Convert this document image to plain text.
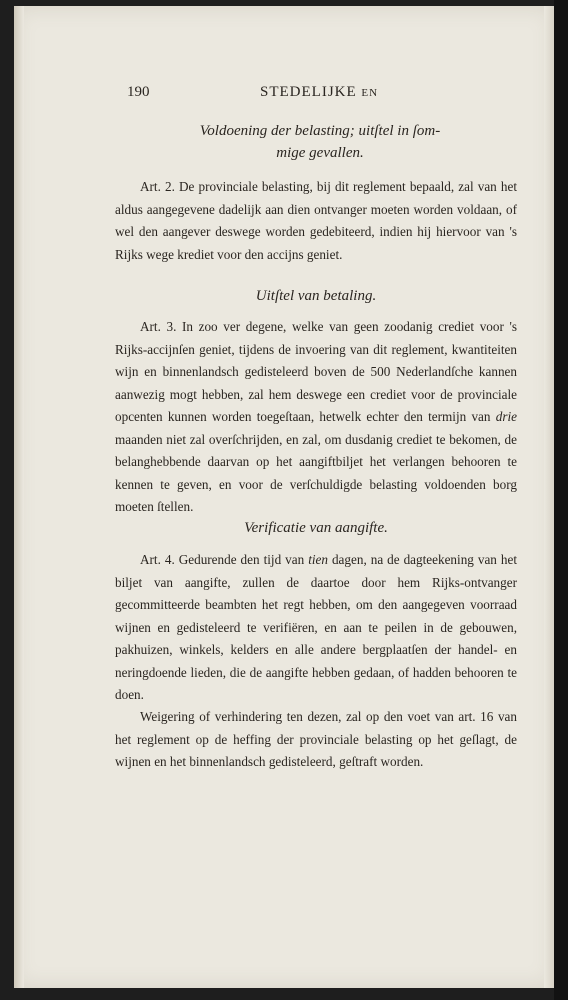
190	STEDELIJKE EN
Voldoening der belasting; uitſtel in ſom-
mige gevallen.
Art. 2. De provinciale belasting, bij dit reglement bepaald, zal van het aldus aangegevene dadelijk aan dien ontvanger moeten worden voldaan, of wel den aangever deswege worden gedebiteerd, indien hij hiervoor van 's Rijks wege krediet voor den accijns geniet.
Uitſtel van betaling.
Art. 3. In zoo ver degene, welke van geen zoodanig crediet voor 's Rijks-accijnſen geniet, tijdens de invoering van dit reglement, kwantiteiten wijn en binnenlandsch gedisteleerd boven de 500 Nederlandſche kannen aanwezig mogt hebben, zal hem deswege een crediet voor de provinciale opcenten kunnen worden toegeſtaan, hetwelk echter den termijn van drie maanden niet zal overſchrijden, en zal, om dusdanig crediet te bekomen, de belanghebbende daarvan op het aangiftbiljet het verlangen behooren te kennen te geven, en voor de verſchuldigde belasting voldoenden borg moeten ſtellen.
Verificatie van aangifte.
Art. 4. Gedurende den tijd van tien dagen, na de dagteekening van het biljet van aangifte, zullen de daartoe door hem Rijks-ontvanger gecommitteerde beambten het regt hebben, om den aangegeven voorraad wijnen en gedisteleerd te verifiëren, en aan te peilen in de gebouwen, pakhuizen, winkels, kelders en alle andere bergplaatſen der handel- en neringdoende lieden, die de aangifte hebben gedaan, of hadden behooren te doen.
Weigering of verhindering ten dezen, zal op den voet van art. 16 van het reglement op de heffing der provinciale belasting op het geſlagt, de wijnen en het binnenlandsch gedisteleerd, geſtraft worden.
